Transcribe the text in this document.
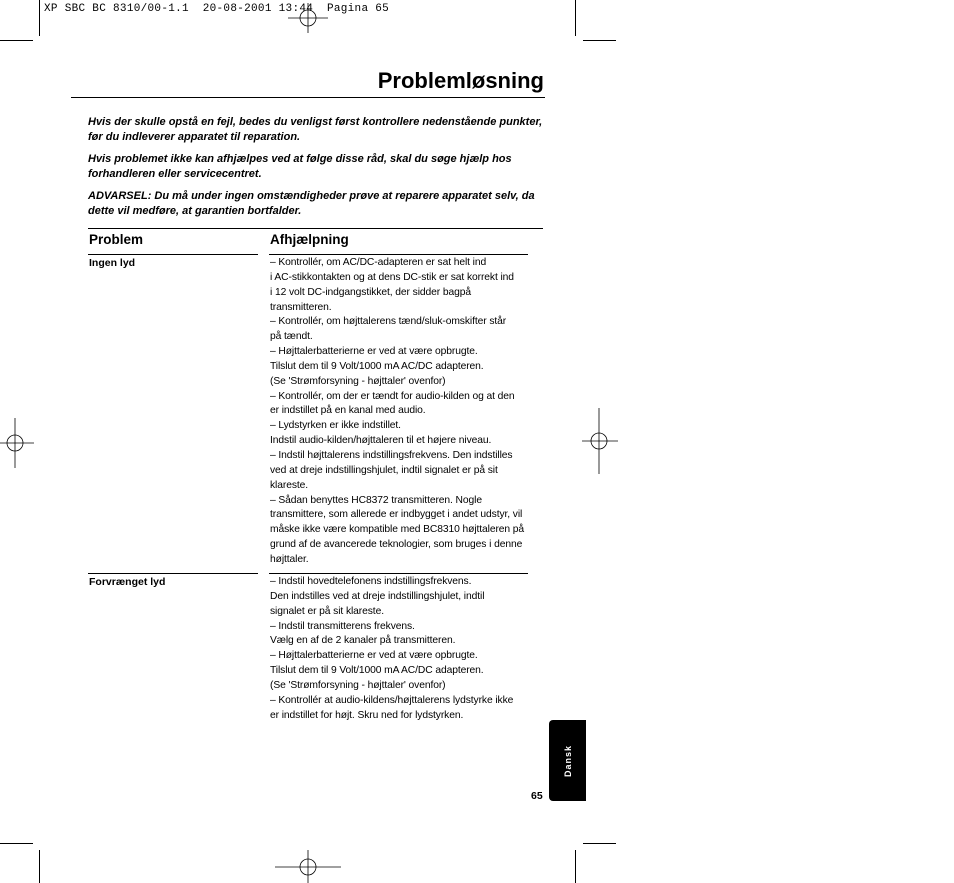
XP SBC BC 8310/00-1.1  20-08-2001 13:44  Pagina 65
Problemløsning
Hvis der skulle opstå en fejl, bedes du venligst først kontrollere nedenstående punkter, før du indleverer apparatet til reparation.
Hvis problemet ikke kan afhjælpes ved at følge disse råd, skal du søge hjælp hos forhandleren eller servicecentret.
ADVARSEL: Du må under ingen omstændigheder prøve at reparere apparatet selv, da dette vil medføre, at garantien bortfalder.
Problem	Afhjælpning
Ingen lyd	– Kontrollér, om AC/DC-adapteren er sat helt ind
i AC-stikkontakten og at dens DC-stik er sat korrekt ind
i 12 volt DC-indgangstikket, der sidder bagpå
transmitteren.
– Kontrollér, om højttalerens tænd/sluk-omskifter står
på tændt.
– Højttalerbatterierne er ved at være opbrugte.
Tilslut dem til 9 Volt/1000 mA AC/DC adapteren.
(Se 'Strømforsyning - højttaler' ovenfor)
– Kontrollér, om der er tændt for audio-kilden og at den
er indstillet på en kanal med audio.
– Lydstyrken er ikke indstillet.
Indstil audio-kilden/højttaleren til et højere niveau.
– Indstil højttalerens indstillingsfrekvens. Den indstilles
ved at dreje indstillingshjulet, indtil signalet er på sit
klareste.
– Sådan benyttes HC8372 transmitteren. Nogle
transmittere, som allerede er indbygget i andet udstyr, vil
måske ikke være kompatible med BC8310 højttaleren på
grund af de avancerede teknologier, som bruges i denne
højttaler.
Forvrænget lyd	– Indstil hovedtelefonens indstillingsfrekvens.
Den indstilles ved at dreje indstillingshjulet, indtil
signalet er på sit klareste.
– Indstil transmitterens frekvens.
Vælg en af de 2 kanaler på transmitteren.
– Højttalerbatterierne er ved at være opbrugte.
Tilslut dem til 9 Volt/1000 mA AC/DC adapteren.
(Se 'Strømforsyning - højttaler' ovenfor)
– Kontrollér at audio-kildens/højttalerens lydstyrke ikke
er indstillet for højt. Skru ned for lydstyrken.
Dansk
65
